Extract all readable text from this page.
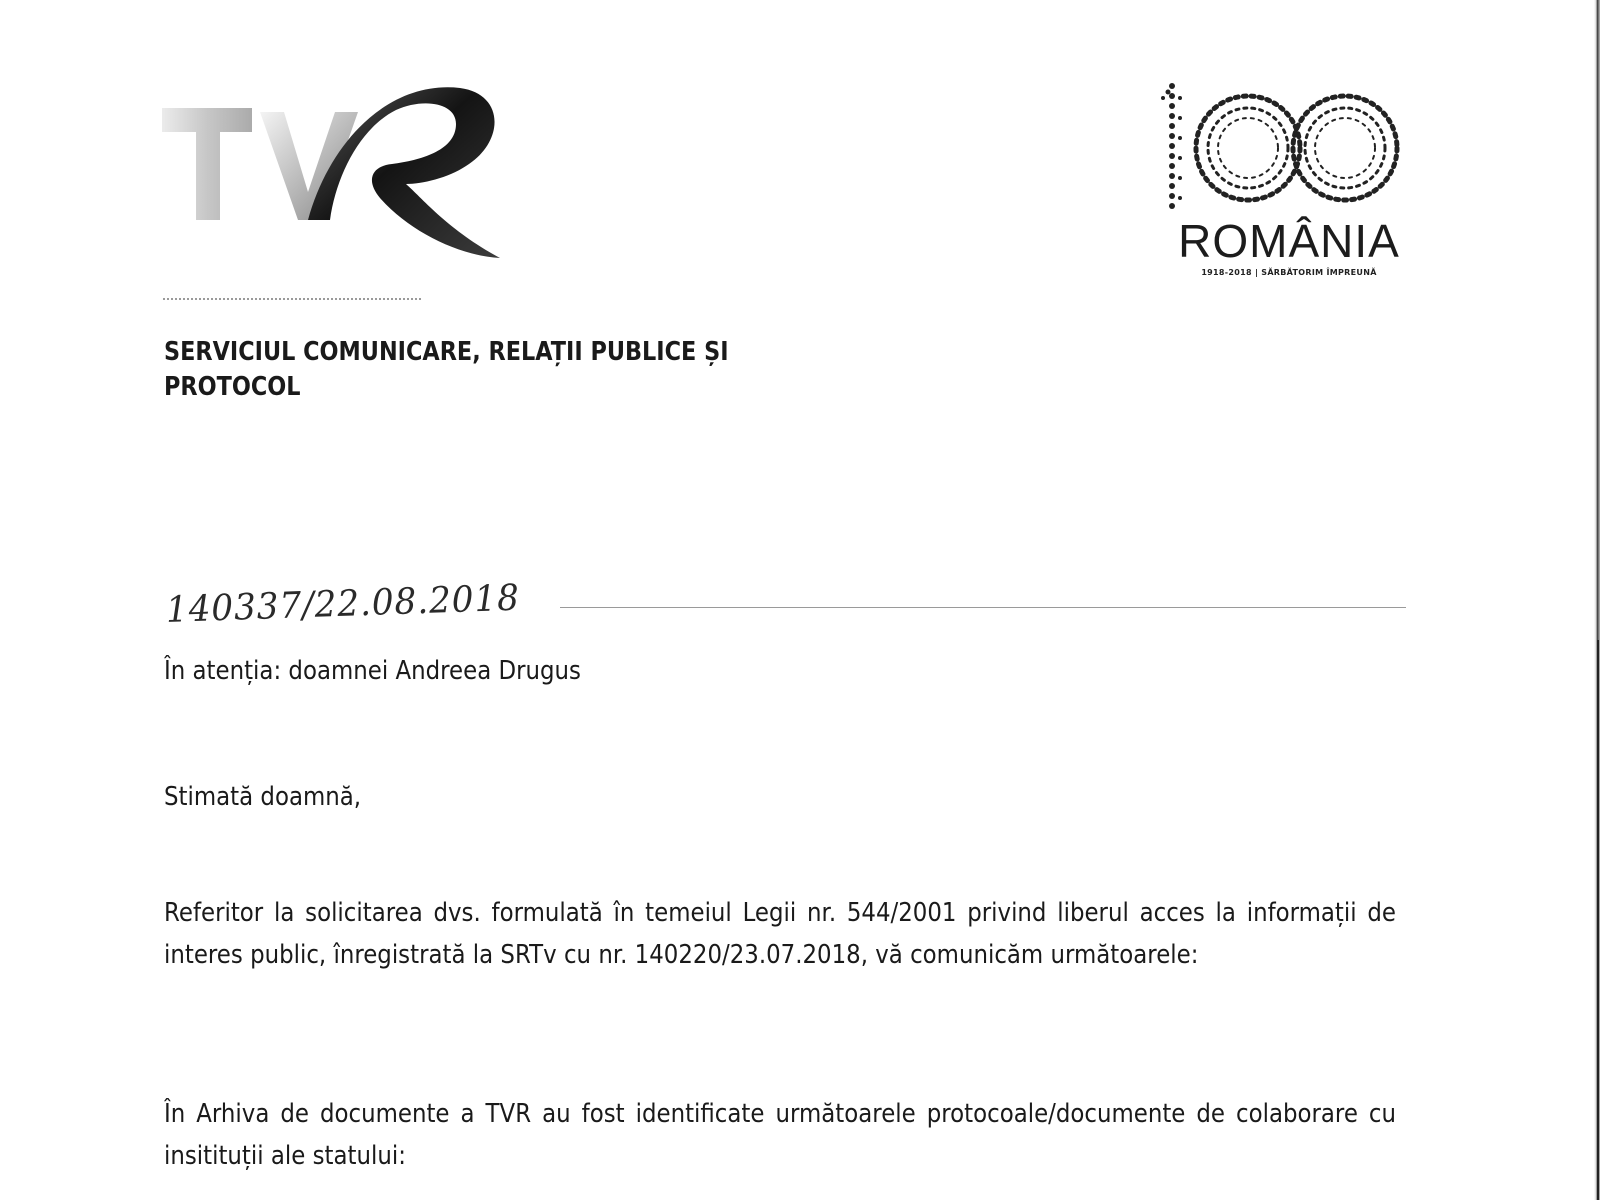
ROMÂNIA
1918-2018 | SĂRBĂTORIM ÎMPREUNĂ
SERVICIUL COMUNICARE, RELAȚII PUBLICE ȘI PROTOCOL
140337/22.08.2018
În atenția: doamnei Andreea Drugus
Stimată doamnă,
Referitor la solicitarea dvs. formulată în temeiul Legii nr. 544/2001 privind liberul acces la informații de interes public, înregistrată la SRTv cu nr. 140220/23.07.2018, vă comunicăm următoarele:
În Arhiva de documente a TVR au fost identificate următoarele protocoale/documente de colaborare cu insitituții ale statului:
